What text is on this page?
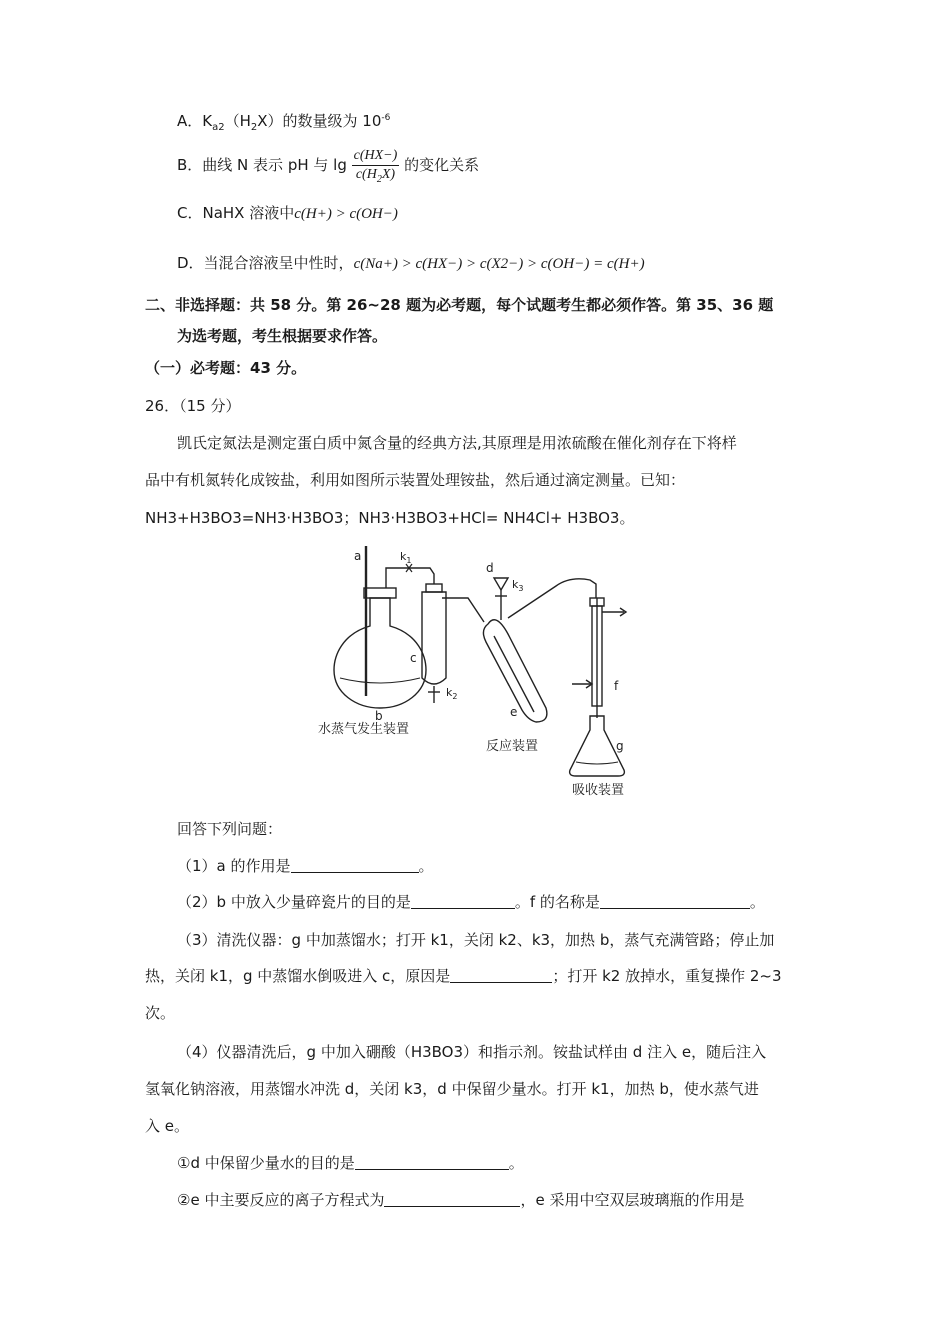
A．$K_{a2}(H_2X)$的数量级为 $10^{-6}$
B．曲线 N 表示 pH 与 $\lg \frac{c(HX-)}{c(H_2X)}$ 的变化关系
C．NaHX 溶液中c(H+) > c(OH−)
D．当混合溶液呈中性时，c(Na+) > c(HX−) > c(X2−) > c(OH−) = c(H+)
二、非选择题：共 58 分。第 26~28 题为必考题，每个试题考生都必须作答。第 35、36 题
为选考题，考生根据要求作答。
（一）必考题：43 分。
26．（15 分）
凯氏定氮法是测定蛋白质中氮含量的经典方法,其原理是用浓硫酸在催化剂存在下将样
品中有机氮转化成铵盐，利用如图所示装置处理铵盐，然后通过滴定测量。已知：
NH3+H3BO3=NH3·H3BO3；NH3·H3BO3+HCl= NH4Cl+ H3BO3。
a
b
c
d
e
f
g
$k_1$
$k_2$
$k_3$
水蒸气发生装置
反应装置
吸收装置
回答下列问题：
（1）a 的作用是	。
（2）b 中放入少量碎瓷片的目的是	。f 的名称是	。
（3）清洗仪器：g 中加蒸馏水；打开 k1，关闭 k2、k3，加热 b，蒸气充满管路；停止加
热，关闭 k1，g 中蒸馏水倒吸进入 c，原因是	；打开 k2 放掉水，重复操作 2~3
次。
（4）仪器清洗后，g 中加入硼酸（H3BO3）和指示剂。铵盐试样由 d 注入 e，随后注入
氢氧化钠溶液，用蒸馏水冲洗 d，关闭 k3，d 中保留少量水。打开 k1，加热 b，使水蒸气进
入 e。
①d 中保留少量水的目的是	。
②e 中主要反应的离子方程式为	，e 采用中空双层玻璃瓶的作用是
